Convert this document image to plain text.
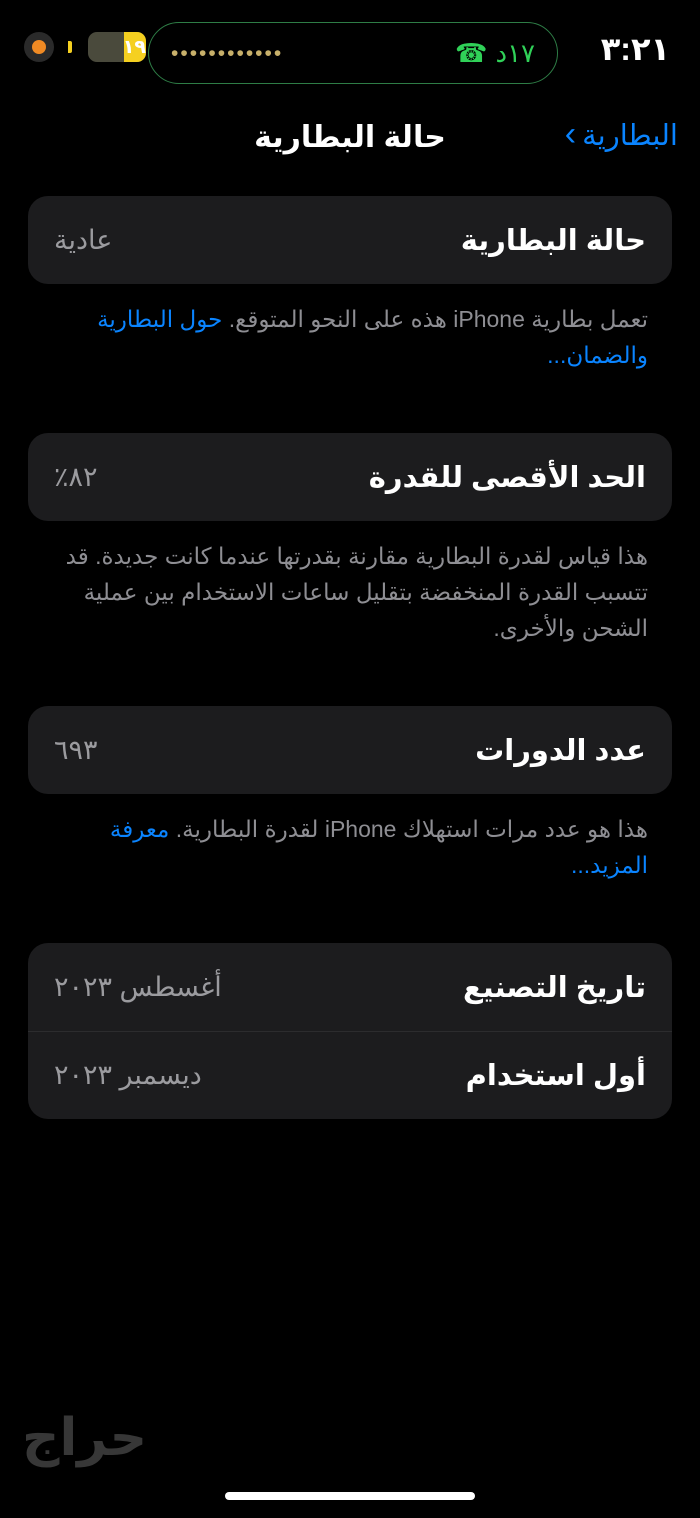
١٩ ••••••••••••	☎ ١٧د ٣:٢١
› البطارية
حالة البطارية
حالة البطارية
عادية
تعمل بطارية iPhone هذه على النحو المتوقع. حول البطارية والضمان...
الحد الأقصى للقدرة
٨٢٪
هذا قياس لقدرة البطارية مقارنة بقدرتها عندما كانت جديدة. قد تتسبب القدرة المنخفضة بتقليل ساعات الاستخدام بين عملية الشحن والأخرى.
عدد الدورات
٦٩٣
هذا هو عدد مرات استهلاك iPhone لقدرة البطارية. معرفة المزيد...
تاريخ التصنيع
أغسطس ٢٠٢٣
أول استخدام
ديسمبر ٢٠٢٣
حراج
